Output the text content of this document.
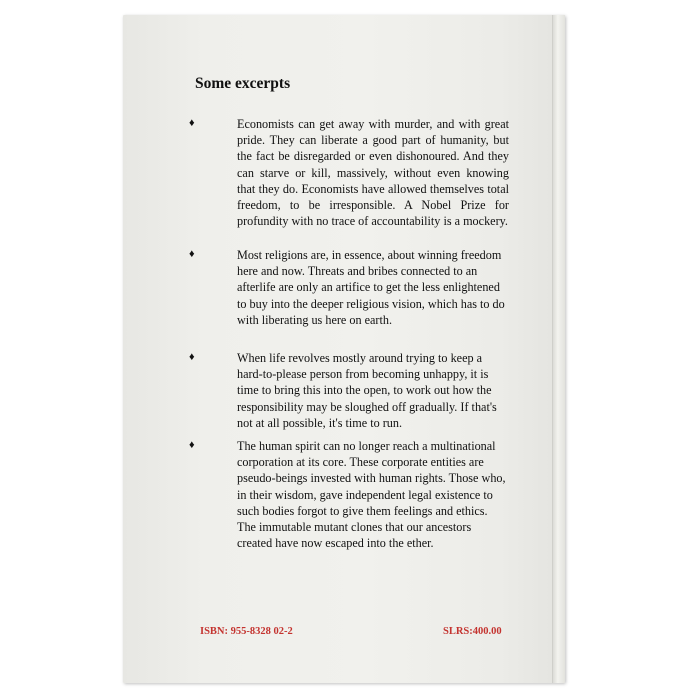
Some excerpts
♦	Economists can get away with murder, and with great pride. They can liberate a good part of humanity, but the fact be disregarded or even dishonoured. And they can starve or kill, massively, without even knowing that they do. Economists have allowed themselves total freedom, to be irresponsible. A Nobel Prize for profundity with no trace of accountability is a mockery.
♦	Most religions are, in essence, about winning freedom here and now. Threats and bribes connected to an afterlife are only an artifice to get the less enlightened to buy into the deeper religious vision, which has to do with liberating us here on earth.
♦	When life revolves mostly around trying to keep a hard-to-please person from becoming unhappy, it is time to bring this into the open, to work out how the responsibility may be sloughed off gradually. If that's not at all possible, it's time to run.
♦	The human spirit can no longer reach a multinational corporation at its core. These corporate entities are pseudo-beings invested with human rights. Those who, in their wisdom, gave independent legal existence to such bodies forgot to give them feelings and ethics. The immutable mutant clones that our ancestors created have now escaped into the ether.
ISBN: 955-8328 02-2	SLRS:400.00
